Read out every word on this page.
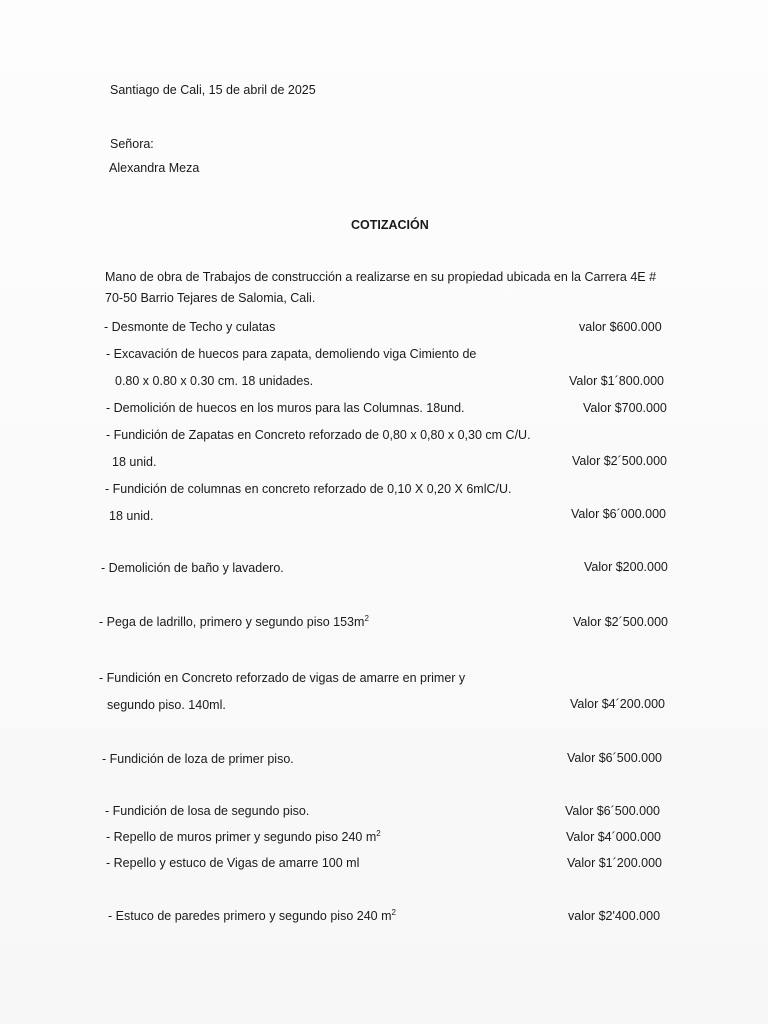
Santiago de Cali, 15 de abril de 2025
Señora:
Alexandra Meza
COTIZACIÓN
Mano de obra de Trabajos de construcción a realizarse en su propiedad ubicada en la Carrera 4E #
70-50 Barrio Tejares de Salomia, Cali.
- Desmonte de Techo y culatas	valor $600.000
- Excavación de huecos para zapata, demoliendo viga Cimiento de
0.80 x 0.80 x 0.30 cm. 18 unidades.	Valor $1´800.000
- Demolición de huecos en los muros para las Columnas. 18und.	Valor $700.000
- Fundición de Zapatas en Concreto reforzado de 0,80 x 0,80 x 0,30 cm C/U.
18 unid.	Valor $2´500.000
- Fundición de columnas en concreto reforzado de 0,10 X 0,20 X 6mlC/U.
18 unid.	Valor $6´000.000
- Demolición de baño y lavadero.	Valor $200.000
- Pega de ladrillo, primero y segundo piso $153m^2$	Valor $2´500.000
- Fundición en Concreto reforzado de vigas de amarre en primer y
segundo piso. 140ml.	Valor $4´200.000
- Fundición de loza de primer piso.	Valor $6´500.000
- Fundición de losa de segundo piso.	Valor $6´500.000
- Repello de muros primer y segundo piso 240 $m^2$	Valor $4´000.000
- Repello y estuco de Vigas de amarre 100 ml	Valor $1´200.000
- Estuco de paredes primero y segundo piso 240 $m^2$	valor $2'400.000
